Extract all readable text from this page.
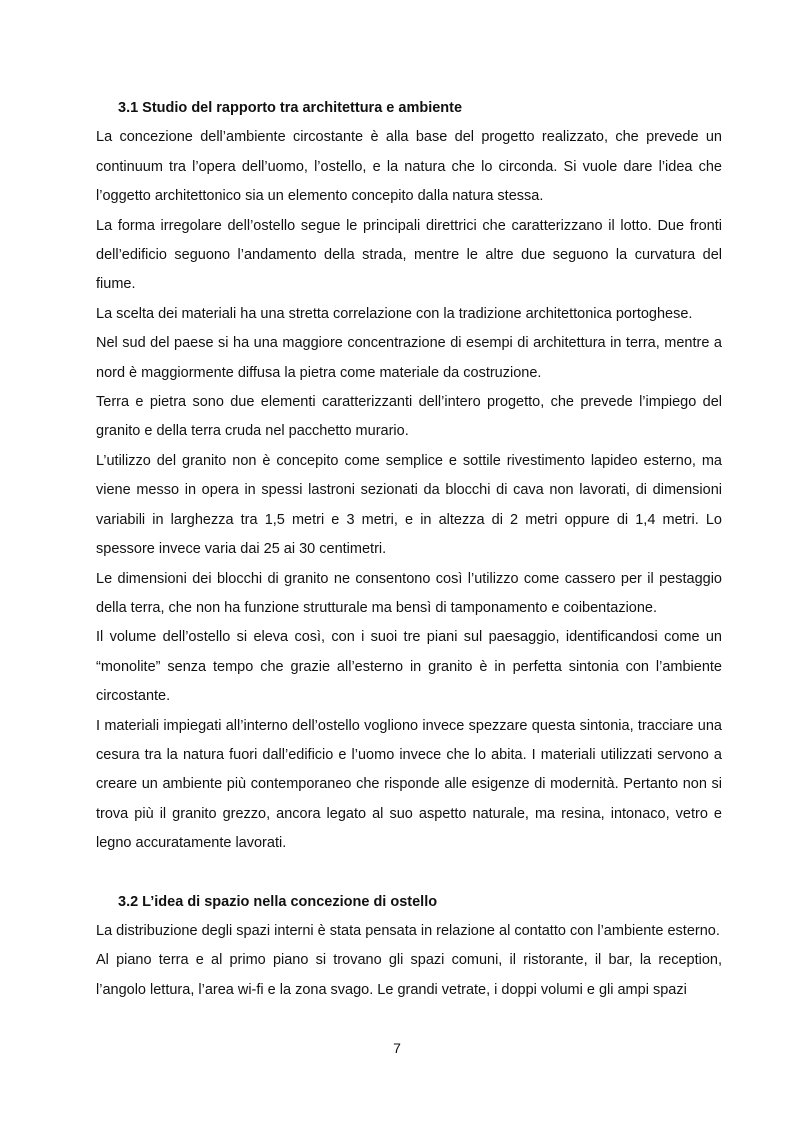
3.1 Studio del rapporto tra architettura e ambiente

La concezione dell’ambiente circostante è alla base del progetto realizzato, che prevede un continuum tra l’opera dell’uomo, l’ostello, e la natura che lo circonda. Si vuole dare l’idea che l’oggetto architettonico sia un elemento concepito dalla natura stessa.

La forma irregolare dell’ostello segue le principali direttrici che caratterizzano il lotto. Due fronti dell’edificio seguono l’andamento della strada, mentre le altre due seguono la curvatura del fiume.

La scelta dei materiali ha una stretta correlazione con la tradizione architettonica portoghese.

Nel sud del paese si ha una maggiore concentrazione di esempi di architettura in terra, mentre a nord è maggiormente diffusa la pietra come materiale da costruzione.

Terra e pietra sono due elementi caratterizzanti dell’intero progetto, che prevede l’impiego del granito e della terra cruda nel pacchetto murario.

L’utilizzo del granito non è concepito come semplice e sottile rivestimento lapideo esterno, ma viene messo in opera in spessi lastroni sezionati da blocchi di cava non lavorati, di dimensioni variabili in larghezza tra 1,5 metri e 3 metri, e in altezza di 2 metri oppure di 1,4 metri. Lo spessore invece varia dai 25 ai 30 centimetri.

Le dimensioni dei blocchi di granito ne consentono così l’utilizzo come cassero per il pestaggio della terra, che non ha funzione strutturale ma bensì di tamponamento e coibentazione.

Il volume dell’ostello si eleva così, con i suoi tre piani sul paesaggio, identificandosi come un “monolite” senza tempo che grazie all’esterno in granito è in perfetta sintonia con l’ambiente circostante.

I materiali impiegati all’interno dell’ostello vogliono invece spezzare questa sintonia, tracciare una cesura tra la natura fuori dall’edificio e l’uomo invece che lo abita. I materiali utilizzati servono a creare un ambiente più contemporaneo che risponde alle esigenze di modernità. Pertanto non si trova più il granito grezzo, ancora legato al suo aspetto naturale, ma resina, intonaco, vetro e legno accuratamente lavorati.

3.2 L’idea di spazio nella concezione di ostello

La distribuzione degli spazi interni è stata pensata in relazione al contatto con l’ambiente esterno.

Al piano terra e al primo piano si trovano gli spazi comuni, il ristorante, il bar, la reception, l’angolo lettura, l’area wi-fi e la zona svago. Le grandi vetrate, i doppi volumi e gli ampi spazi

7
